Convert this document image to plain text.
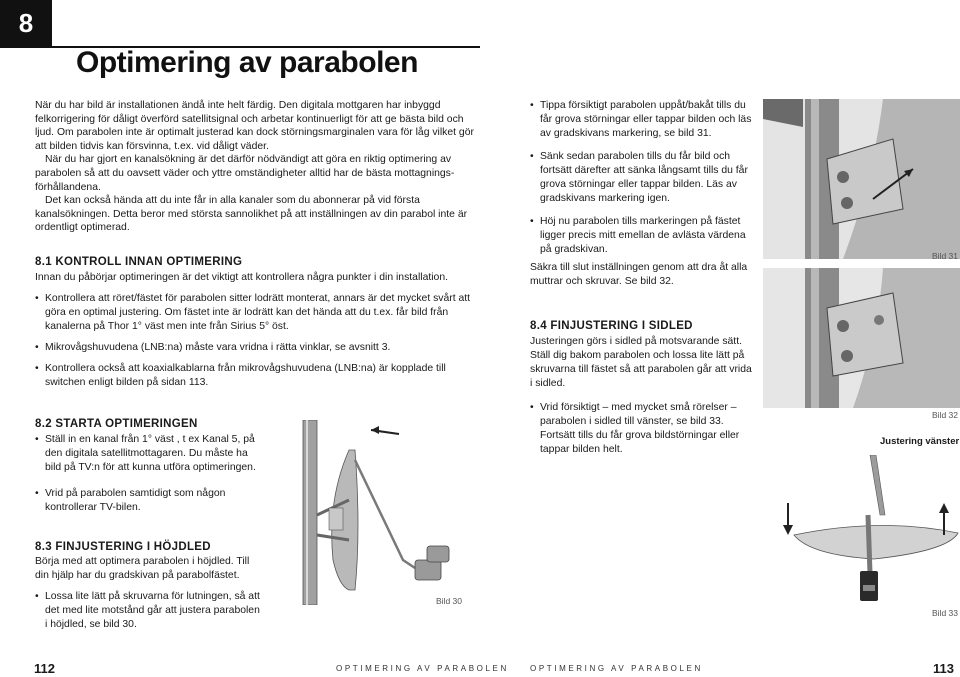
8
Optimering av parabolen

När du har bild är installationen ändå inte helt färdig. Den digitala mottgaren har inbyggd felkorrigering för dåligt överförd satellitsignal och arbetar kontinuerligt för att ge bästa bild och ljud. Om parabolen inte är optimalt justerad kan dock störningsmarginalen vara för låg vilket gör att bilden tidvis kan försvinna, t.ex. vid dåligt väder.

När du har gjort en kanalsökning är det därför nödvändigt att göra en riktig optimering av parabolen så att du oavsett väder och yttre omständigheter alltid har de bästa mottagnings-förhållandena.

Det kan också hända att du inte får in alla kanaler som du abonnerar på vid första kanalsökningen. Detta beror med största sannolikhet på att inställningen av din parabol inte är ordentligt optimerad.

8.1 KONTROLL INNAN OPTIMERING

Innan du påbörjar optimeringen är det viktigt att kontrollera några punkter i din installation.

• Kontrollera att röret/fästet för parabolen sitter lodrätt monterat, annars är det mycket svårt att göra en optimal justering. Om fästet inte är lodrätt kan det hända att du t.ex. får bild från kanalerna på Thor 1° väst men inte från Sirius 5° öst.
• Mikrovågshuvudena (LNB:na) måste vara vridna i rätta vinklar, se avsnitt 3.
• Kontrollera också att koaxialkablarna från mikrovågshuvudena (LNB:na) är kopplade till switchen enligt bilden på sidan 113.

8.2 STARTA OPTIMERINGEN

• Ställ in en kanal från 1° väst , t ex Kanal 5, på den digitala satellitmottagaren. Du måste ha bild på TV:n för att kunna utföra optimeringen.
• Vrid på parabolen samtidigt som någon kontrollerar TV-bilen.

8.3 FINJUSTERING I HÖJDLED

Börja med att optimera parabolen i höjdled. Till din hjälp har du gradskivan på parabolfästet.

• Lossa lite lätt på skruvarna för lutningen, så att det med lite motstånd går att justera parabolen i höjdled, se bild 30.
Bild 30
• Tippa försiktigt parabolen uppåt/bakåt tills du får grova störningar eller tappar bilden och läs av gradskivans markering, se bild 31.
• Sänk sedan parabolen tills du får bild och fortsätt därefter att sänka långsamt tills du får grova störningar eller tappar bilden. Läs av gradskivans markering igen.
• Höj nu parabolen tills markeringen på fästet ligger precis mitt emellan de avlästa värdena på gradskivan.

Säkra till slut inställningen genom att dra åt alla muttrar och skruvar. Se bild 32.

8.4 FINJUSTERING I SIDLED

Justeringen görs i sidled på motsvarande sätt. Ställ dig bakom parabolen och lossa lite lätt på skruvarna till fästet så att parabolen går att vrida i sidled.

• Vrid försiktigt – med mycket små rörelser – parabolen i sidled till vänster, se bild 33. Fortsätt tills du får grova bildstörningar eller tappar bilden helt.
Bild 31
Bild 32
Justering vänster
Bild 33
112	OPTIMERING AV PARABOLEN	OPTIMERING AV PARABOLEN	113
